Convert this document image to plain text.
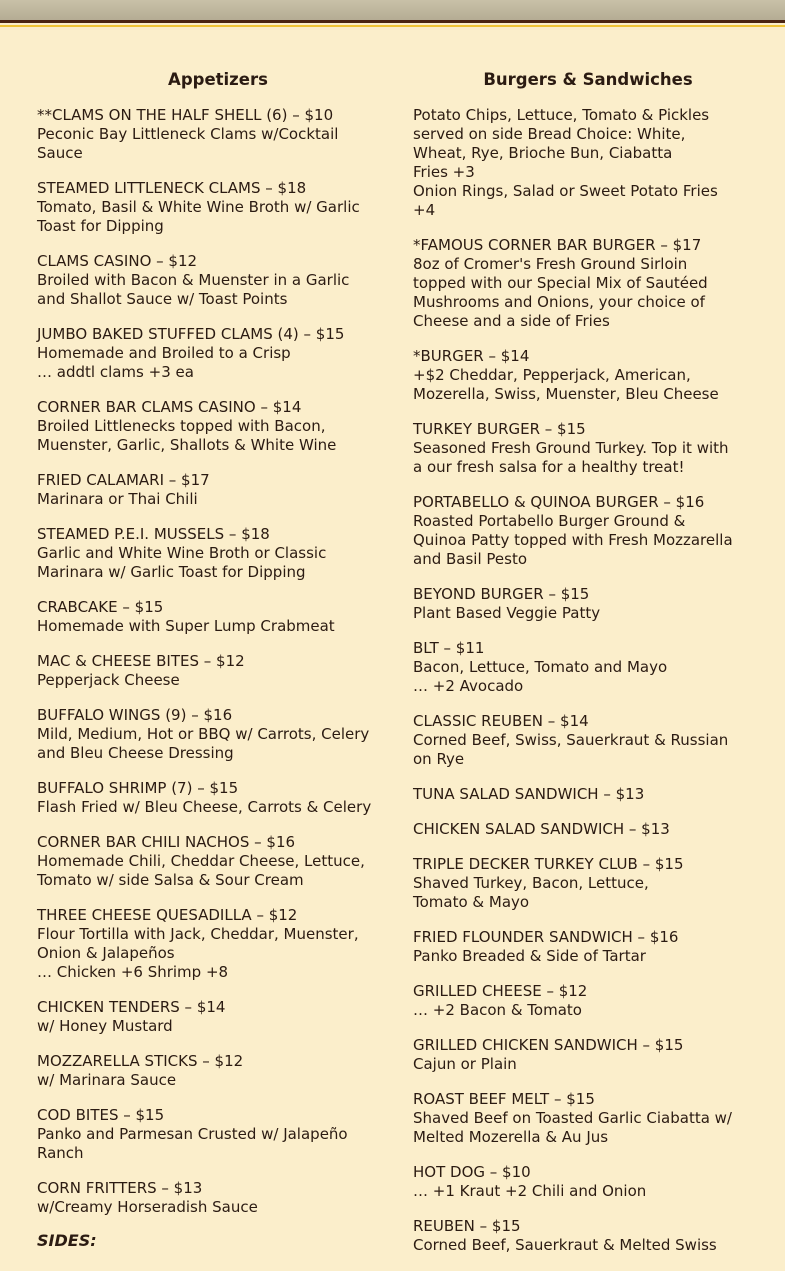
Appetizers
**CLAMS ON THE HALF SHELL (6) – $10
Peconic Bay Littleneck Clams w/Cocktail
Sauce
STEAMED LITTLENECK CLAMS – $18
Tomato, Basil & White Wine Broth w/ Garlic
Toast for Dipping
CLAMS CASINO – $12
Broiled with Bacon & Muenster in a Garlic
and Shallot Sauce w/ Toast Points
JUMBO BAKED STUFFED CLAMS (4) – $15
Homemade and Broiled to a Crisp
… addtl clams +3 ea
CORNER BAR CLAMS CASINO – $14
Broiled Littlenecks topped with Bacon,
Muenster, Garlic, Shallots & White Wine
FRIED CALAMARI – $17
Marinara or Thai Chili
STEAMED P.E.I. MUSSELS – $18
Garlic and White Wine Broth or Classic
Marinara w/ Garlic Toast for Dipping
CRABCAKE – $15
Homemade with Super Lump Crabmeat
MAC & CHEESE BITES – $12
Pepperjack Cheese
BUFFALO WINGS (9) – $16
Mild, Medium, Hot or BBQ w/ Carrots, Celery
and Bleu Cheese Dressing
BUFFALO SHRIMP (7) – $15
Flash Fried w/ Bleu Cheese, Carrots & Celery
CORNER BAR CHILI NACHOS – $16
Homemade Chili, Cheddar Cheese, Lettuce,
Tomato w/ side Salsa & Sour Cream
THREE CHEESE QUESADILLA – $12
Flour Tortilla with Jack, Cheddar, Muenster,
Onion & Jalapeños
… Chicken +6 Shrimp +8
CHICKEN TENDERS – $14
w/ Honey Mustard
MOZZARELLA STICKS – $12
w/ Marinara Sauce
COD BITES – $15
Panko and Parmesan Crusted w/ Jalapeño
Ranch
CORN FRITTERS – $13
w/Creamy Horseradish Sauce
SIDES:
Burgers & Sandwiches
Potato Chips, Lettuce, Tomato & Pickles
served on side Bread Choice: White,
Wheat, Rye, Brioche Bun, Ciabatta
Fries +3
Onion Rings, Salad or Sweet Potato Fries
+4
*FAMOUS CORNER BAR BURGER – $17
8oz of Cromer's Fresh Ground Sirloin
topped with our Special Mix of Sautéed
Mushrooms and Onions, your choice of
Cheese and a side of Fries
*BURGER – $14
+$2 Cheddar, Pepperjack, American,
Mozerella, Swiss, Muenster, Bleu Cheese
TURKEY BURGER – $15
Seasoned Fresh Ground Turkey. Top it with
a our fresh salsa for a healthy treat!
PORTABELLO & QUINOA BURGER – $16
Roasted Portabello Burger Ground &
Quinoa Patty topped with Fresh Mozzarella
and Basil Pesto
BEYOND BURGER – $15
Plant Based Veggie Patty
BLT – $11
Bacon, Lettuce, Tomato and Mayo
… +2 Avocado
CLASSIC REUBEN – $14
Corned Beef, Swiss, Sauerkraut & Russian
on Rye
TUNA SALAD SANDWICH – $13
CHICKEN SALAD SANDWICH – $13
TRIPLE DECKER TURKEY CLUB – $15
Shaved Turkey, Bacon, Lettuce,
Tomato & Mayo
FRIED FLOUNDER SANDWICH – $16
Panko Breaded & Side of Tartar
GRILLED CHEESE – $12
… +2 Bacon & Tomato
GRILLED CHICKEN SANDWICH – $15
Cajun or Plain
ROAST BEEF MELT – $15
Shaved Beef on Toasted Garlic Ciabatta w/
Melted Mozerella & Au Jus
HOT DOG – $10
… +1 Kraut +2 Chili and Onion
REUBEN – $15
Corned Beef, Sauerkraut & Melted Swiss
